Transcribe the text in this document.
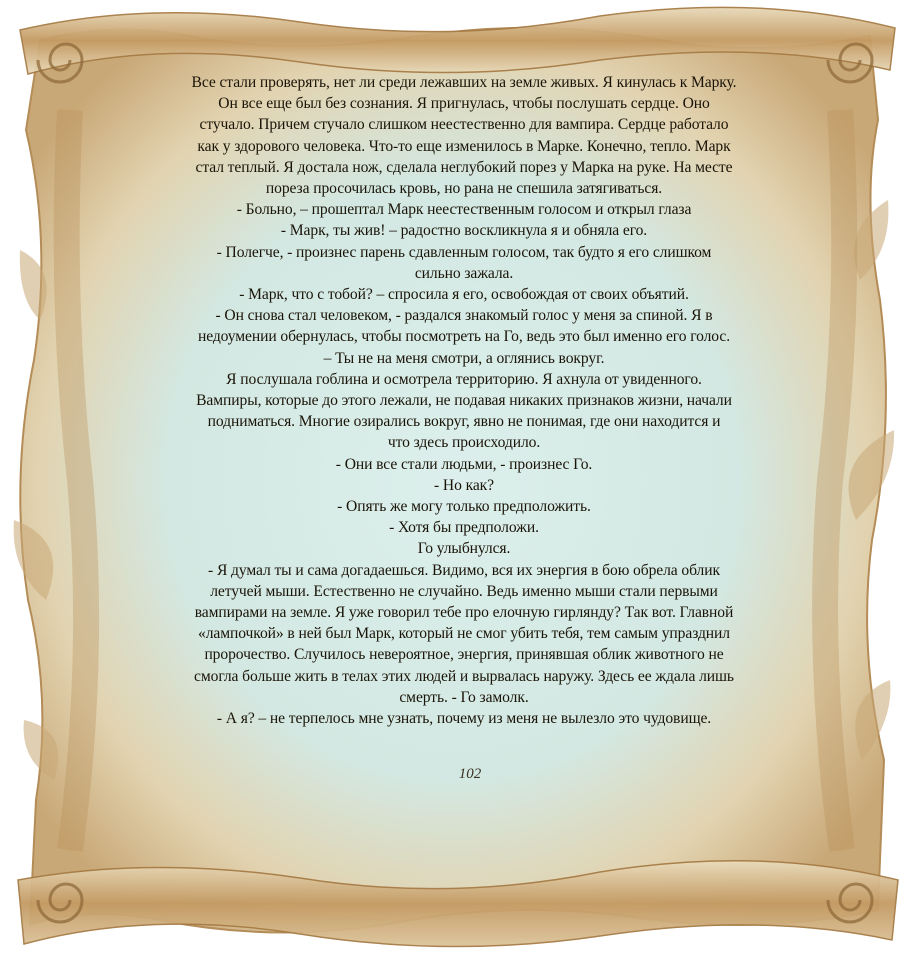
Все стали проверять, нет ли среди лежавших на земле живых. Я кинулась к Марку.
Он все еще был без сознания. Я пригнулась, чтобы послушать сердце. Оно
стучало. Причем стучало слишком неестественно для вампира. Сердце работало
как у здорового человека. Что-то еще изменилось в Марке. Конечно, тепло. Марк
стал теплый. Я достала нож, сделала неглубокий порез у Марка на руке. На месте
пореза просочилась кровь, но рана не спешила затягиваться.
- Больно, – прошептал Марк неестественным голосом и открыл глаза
- Марк, ты жив! – радостно воскликнула я и обняла его.
- Полегче, - произнес парень сдавленным голосом, так будто я его слишком
сильно зажала.
- Марк, что с тобой? – спросила я его, освобождая от своих объятий.
- Он снова стал человеком, - раздался знакомый голос у меня за спиной. Я в
недоумении обернулась, чтобы посмотреть на Го, ведь это был именно его голос.
– Ты не на меня смотри, а оглянись вокруг.
Я послушала гоблина и осмотрела территорию. Я ахнула от увиденного.
Вампиры, которые до этого лежали, не подавая никаких признаков жизни, начали
подниматься. Многие озирались вокруг, явно не понимая, где они находится и
что здесь происходило.
- Они все стали людьми, - произнес Го.
- Но как?
- Опять же могу только предположить.
- Хотя бы предположи.
Го улыбнулся.
- Я думал ты и сама догадаешься. Видимо, вся их энергия в бою обрела облик
летучей мыши. Естественно не случайно. Ведь именно мыши стали первыми
вампирами на земле. Я уже говорил тебе про елочную гирлянду? Так вот. Главной
«лампочкой» в ней был Марк, который не смог убить тебя, тем самым упразднил
пророчество. Случилось невероятное, энергия, принявшая облик животного не
смогла больше жить в телах этих людей и вырвалась наружу. Здесь ее ждала лишь
смерть. - Го замолк.
- А я? – не терпелось мне узнать, почему из меня не вылезло это чудовище.
102
